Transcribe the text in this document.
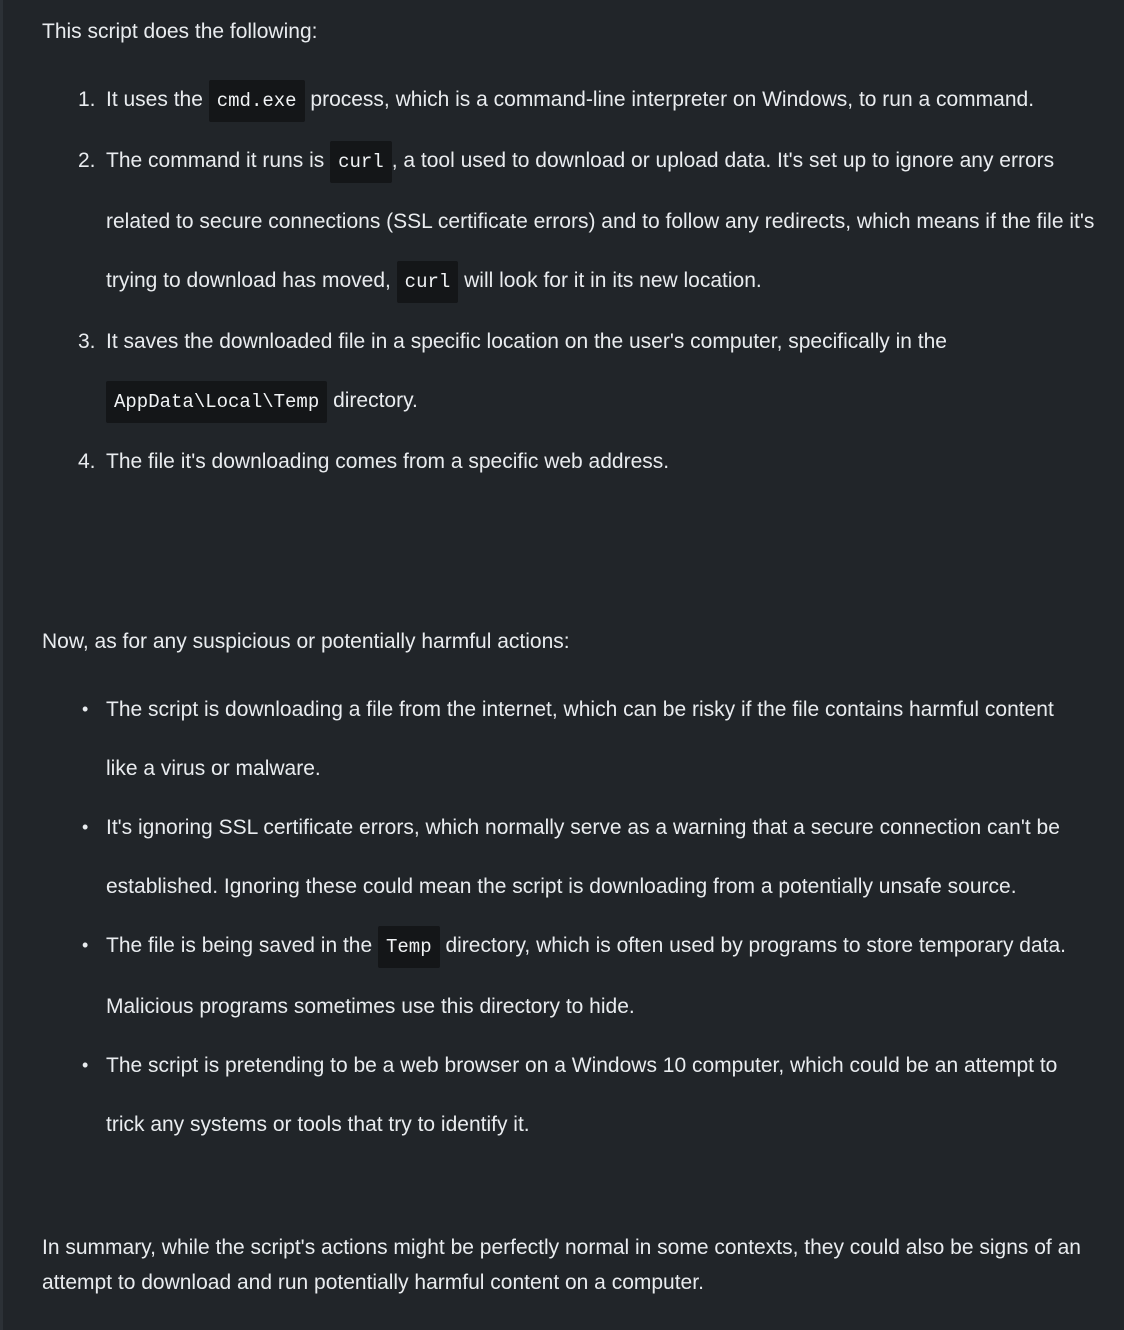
This script does the following:

1. It uses the cmd.exe process, which is a command-line interpreter on Windows, to run a command.
2. The command it runs is curl , a tool used to download or upload data. It's set up to ignore any errors related to secure connections (SSL certificate errors) and to follow any redirects, which means if the file it's trying to download has moved, curl will look for it in its new location.
3. It saves the downloaded file in a specific location on the user's computer, specifically in the AppData\Local\Temp directory.
4. The file it's downloading comes from a specific web address.

Now, as for any suspicious or potentially harmful actions:

• The script is downloading a file from the internet, which can be risky if the file contains harmful content like a virus or malware.
• It's ignoring SSL certificate errors, which normally serve as a warning that a secure connection can't be established. Ignoring these could mean the script is downloading from a potentially unsafe source.
• The file is being saved in the Temp directory, which is often used by programs to store temporary data. Malicious programs sometimes use this directory to hide.
• The script is pretending to be a web browser on a Windows 10 computer, which could be an attempt to trick any systems or tools that try to identify it.

In summary, while the script's actions might be perfectly normal in some contexts, they could also be signs of an attempt to download and run potentially harmful content on a computer.
